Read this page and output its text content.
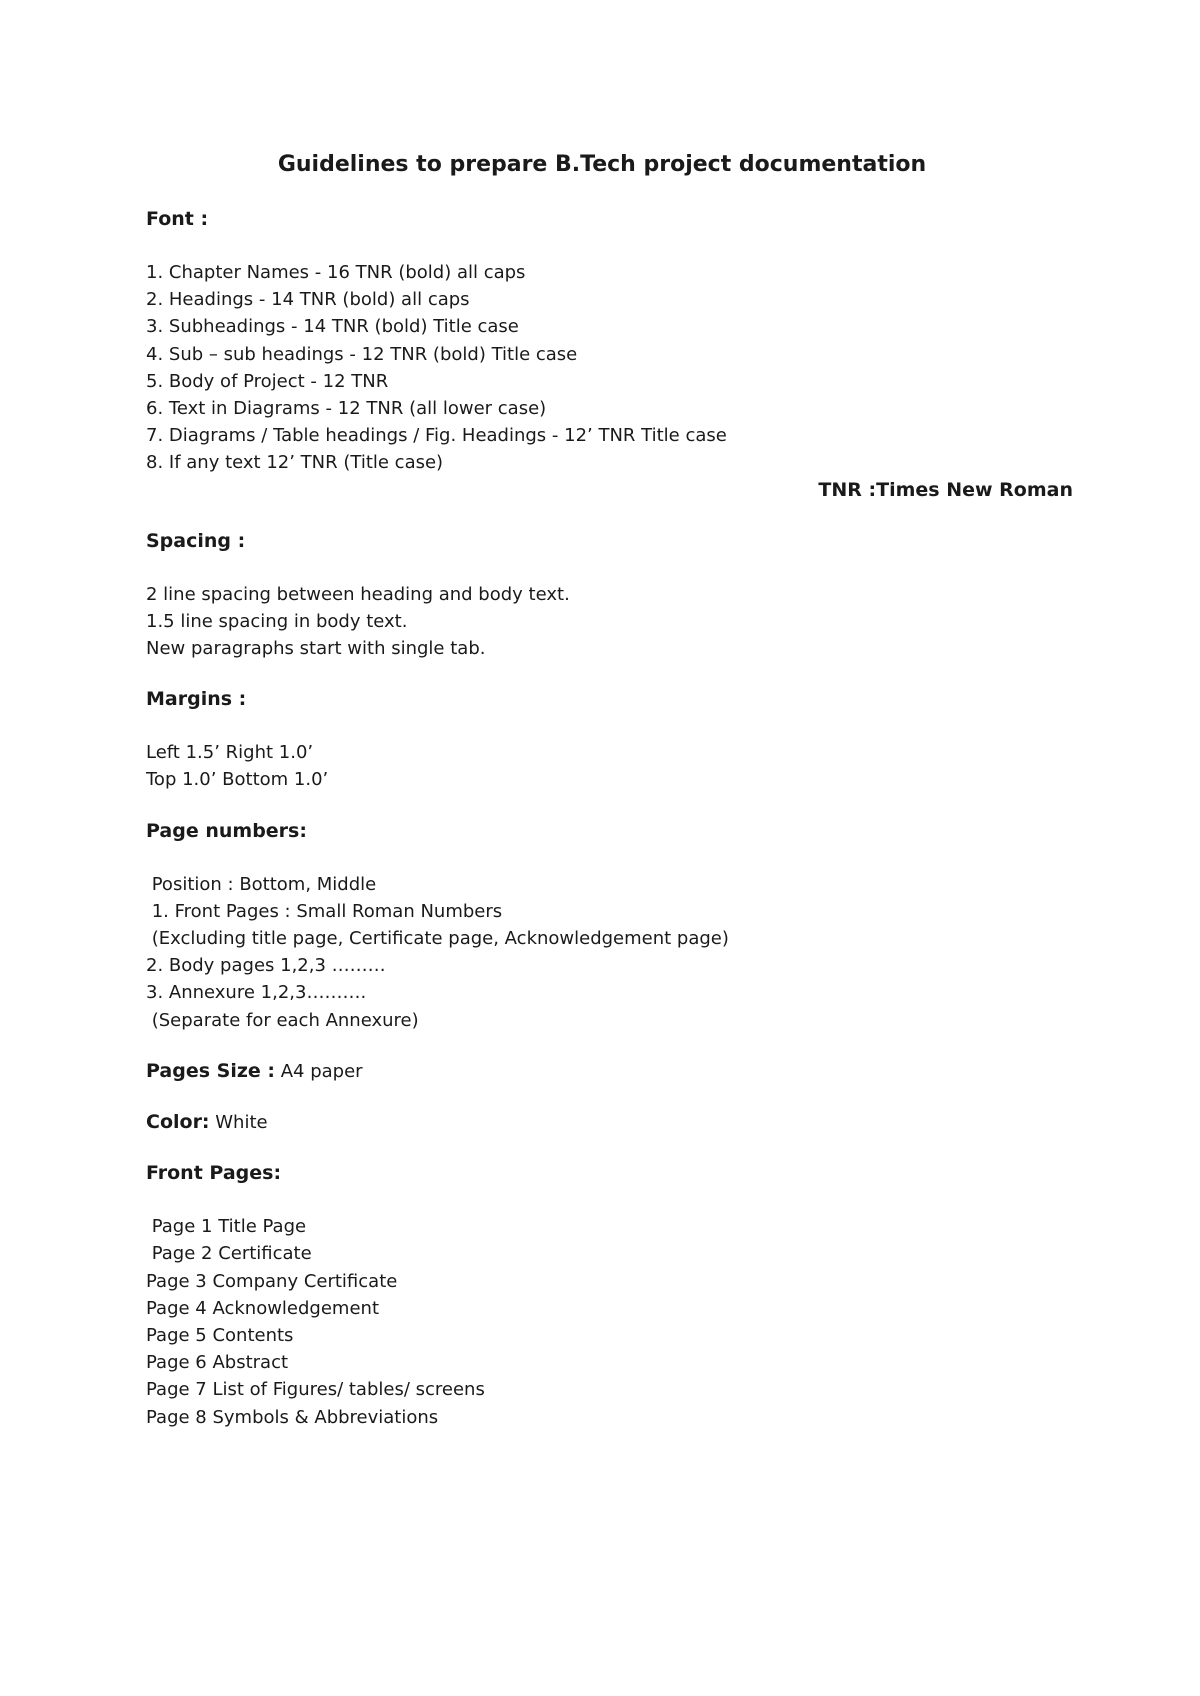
Guidelines to prepare B.Tech project documentation
Font :
1. Chapter Names - 16 TNR (bold) all caps
2. Headings - 14 TNR (bold) all caps
3. Subheadings - 14 TNR (bold) Title case
4. Sub – sub headings - 12 TNR (bold) Title case
5. Body of Project - 12 TNR
6. Text in Diagrams - 12 TNR (all lower case)
7. Diagrams / Table headings / Fig. Headings - 12’ TNR Title case
8. If any text 12’ TNR (Title case)
TNR :Times New Roman
Spacing :
2 line spacing between heading and body text.
1.5 line spacing in body text.
New paragraphs start with single tab.
Margins :
Left 1.5’ Right 1.0’
Top 1.0’ Bottom 1.0’
Page numbers:
Position : Bottom, Middle
1. Front Pages : Small Roman Numbers
(Excluding title page, Certificate page, Acknowledgement page)
2. Body pages 1,2,3 ………
3. Annexure 1,2,3……….
(Separate for each Annexure)
Pages Size : A4 paper
Color: White
Front Pages:
Page 1 Title Page
Page 2 Certificate
Page 3 Company Certificate
Page 4 Acknowledgement
Page 5 Contents
Page 6 Abstract
Page 7 List of Figures/ tables/ screens
Page 8 Symbols & Abbreviations
